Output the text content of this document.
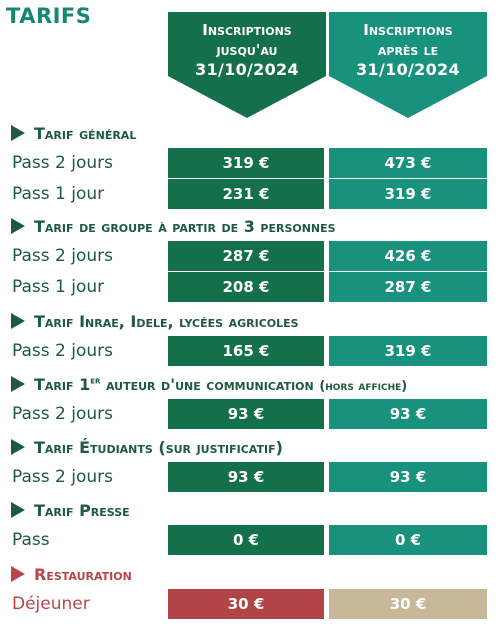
TARIFS
Inscriptions
jusqu'au
31/10/2024
Inscriptions
après le
31/10/2024
Tarif général
Pass 2 jours	319 €	473 €
Pass 1 jour	231 €	319 €
Tarif de groupe à partir de 3 personnes
Pass 2 jours	287 €	426 €
Pass 1 jour	208 €	287 €
Tarif Inrae, Idele, lycées agricoles
Pass 2 jours	165 €	319 €
Tarif 1er auteur d'une communication (hors affiche)
Pass 2 jours	93 €	93 €
Tarif Étudiants (sur justificatif)
Pass 2 jours	93 €	93 €
Tarif Presse
Pass	0 €	0 €
Restauration
Déjeuner	30 €	30 €
